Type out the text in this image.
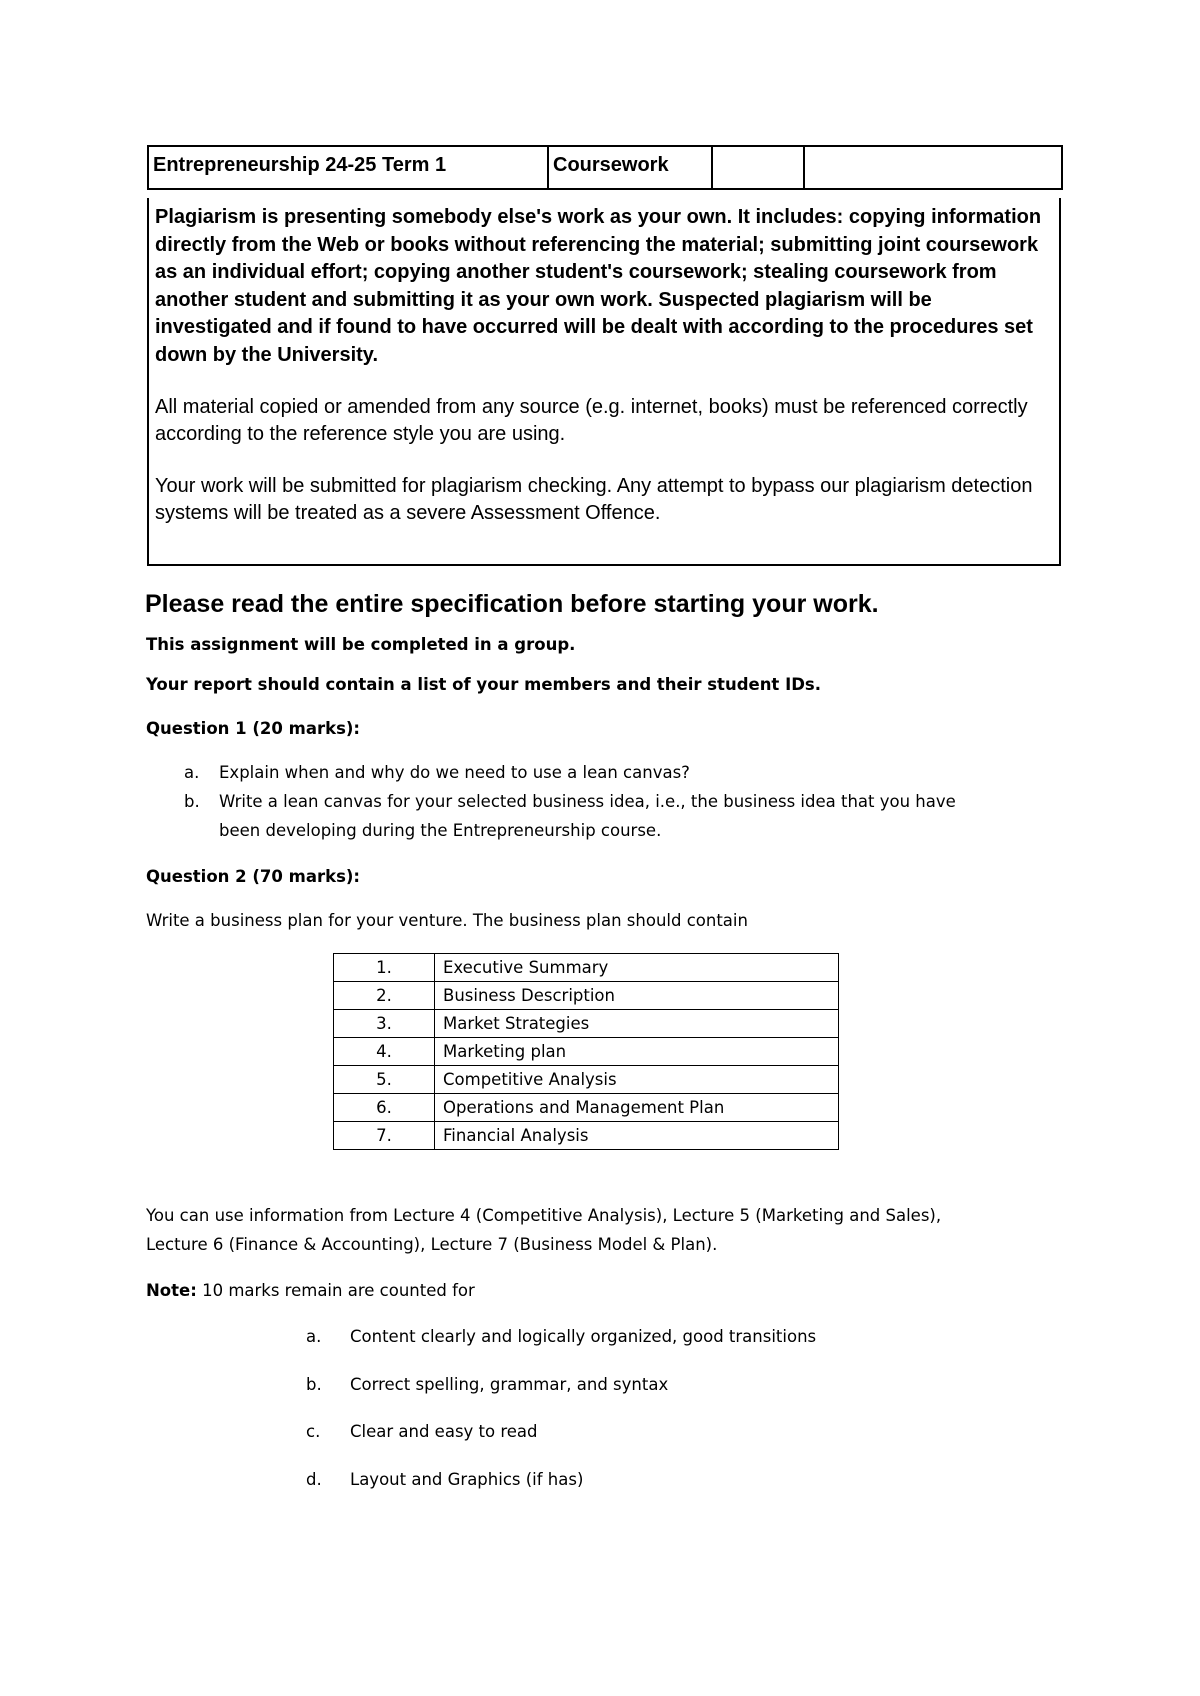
Entrepreneurship 24-25 Term 1	Coursework		

Plagiarism is presenting somebody else's work as your own. It includes: copying information directly from the Web or books without referencing the material; submitting joint coursework as an individual effort; copying another student's coursework; stealing coursework from another student and submitting it as your own work. Suspected plagiarism will be investigated and if found to have occurred will be dealt with according to the procedures set down by the University.

All material copied or amended from any source (e.g. internet, books) must be referenced correctly according to the reference style you are using.

Your work will be submitted for plagiarism checking. Any attempt to bypass our plagiarism detection systems will be treated as a severe Assessment Offence.

Please read the entire specification before starting your work.
This assignment will be completed in a group.
Your report should contain a list of your members and their student IDs.
Question 1 (20 marks):
a. Explain when and why do we need to use a lean canvas?
b. Write a lean canvas for your selected business idea, i.e., the business idea that you have
been developing during the Entrepreneurship course.
Question 2 (70 marks):
Write a business plan for your venture. The business plan should contain
You can use information from Lecture 4 (Competitive Analysis), Lecture 5 (Marketing and Sales),
Lecture 6 (Finance & Accounting), Lecture 7 (Business Model & Plan).
Note: 10 marks remain are counted for
a. Content clearly and logically organized, good transitions
b. Correct spelling, grammar, and syntax
c. Clear and easy to read
d. Layout and Graphics (if has)
1.	Executive Summary
2.	Business Description
3.	Market Strategies
4.	Marketing plan
5.	Competitive Analysis
6.	Operations and Management Plan
7.	Financial Analysis
